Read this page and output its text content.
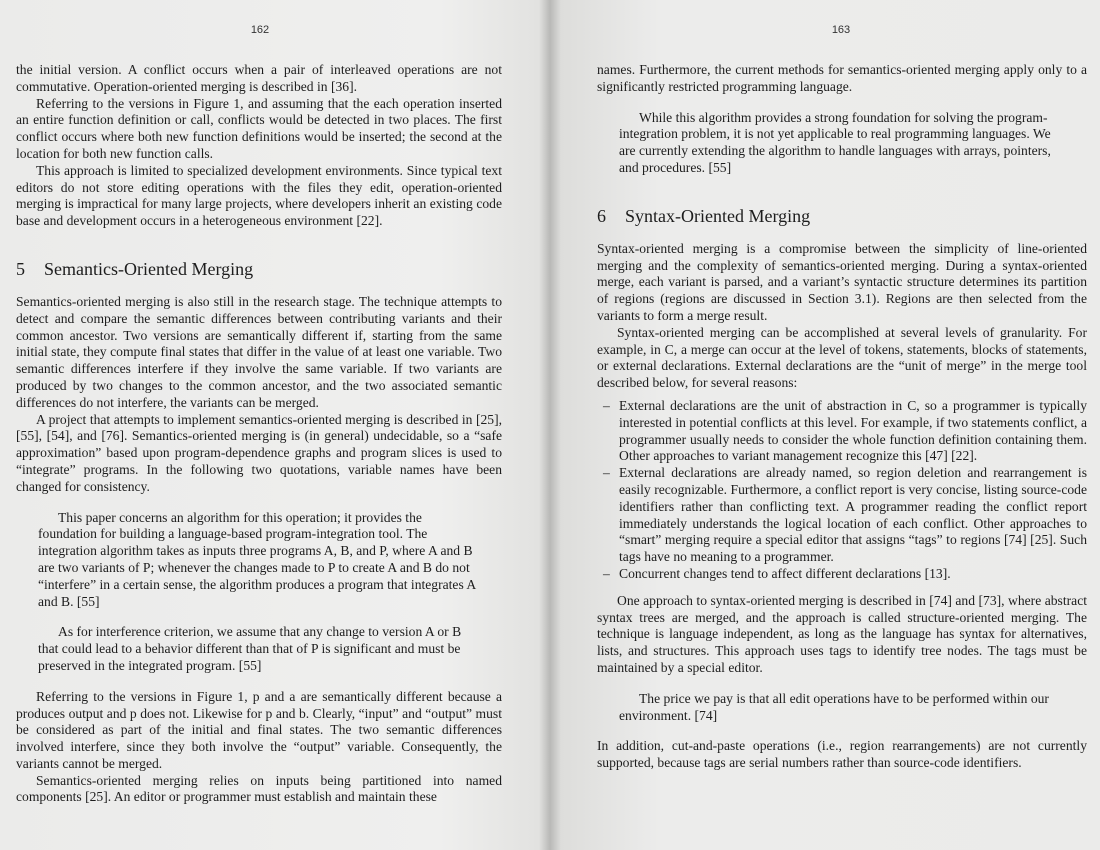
162

the initial version. A conflict occurs when a pair of interleaved operations are not commutative. Operation-oriented merging is described in [36].

Referring to the versions in Figure 1, and assuming that the each operation inserted an entire function definition or call, conflicts would be detected in two places. The first conflict occurs where both new function definitions would be inserted; the second at the location for both new function calls.

This approach is limited to specialized development environments. Since typical text editors do not store editing operations with the files they edit, operation-oriented merging is impractical for many large projects, where developers inherit an existing code base and development occurs in a heterogeneous environment [22].

5 Semantics-Oriented Merging

Semantics-oriented merging is also still in the research stage. The technique attempts to detect and compare the semantic differences between contributing variants and their common ancestor. Two versions are semantically different if, starting from the same initial state, they compute final states that differ in the value of at least one variable. Two semantic differences interfere if they involve the same variable. If two variants are produced by two changes to the common ancestor, and the two associated semantic differences do not interfere, the variants can be merged.

A project that attempts to implement semantics-oriented merging is described in [25], [55], [54], and [76]. Semantics-oriented merging is (in general) undecidable, so a “safe approximation” based upon program-dependence graphs and program slices is used to “integrate” programs. In the following two quotations, variable names have been changed for consistency.

This paper concerns an algorithm for this operation; it provides the foundation for building a language-based program-integration tool. The integration algorithm takes as inputs three programs A, B, and P, where A and B are two variants of P; whenever the changes made to P to create A and B do not “interfere” in a certain sense, the algorithm produces a program that integrates A and B. [55]

As for interference criterion, we assume that any change to version A or B that could lead to a behavior different than that of P is significant and must be preserved in the integrated program. [55]

Referring to the versions in Figure 1, p and a are semantically different because a produces output and p does not. Likewise for p and b. Clearly, “input” and “output” must be considered as part of the initial and final states. The two semantic differences involved interfere, since they both involve the “output” variable. Consequently, the variants cannot be merged.

Semantics-oriented merging relies on inputs being partitioned into named components [25]. An editor or programmer must establish and maintain these

163

names. Furthermore, the current methods for semantics-oriented merging apply only to a significantly restricted programming language.

While this algorithm provides a strong foundation for solving the program-integration problem, it is not yet applicable to real programming languages. We are currently extending the algorithm to handle languages with arrays, pointers, and procedures. [55]

6 Syntax-Oriented Merging

Syntax-oriented merging is a compromise between the simplicity of line-oriented merging and the complexity of semantics-oriented merging. During a syntax-oriented merge, each variant is parsed, and a variant’s syntactic structure determines its partition of regions (regions are discussed in Section 3.1). Regions are then selected from the variants to form a merge result.

Syntax-oriented merging can be accomplished at several levels of granularity. For example, in C, a merge can occur at the level of tokens, statements, blocks of statements, or external declarations. External declarations are the “unit of merge” in the merge tool described below, for several reasons:

– External declarations are the unit of abstraction in C, so a programmer is typically interested in potential conflicts at this level. For example, if two statements conflict, a programmer usually needs to consider the whole function definition containing them. Other approaches to variant management recognize this [47] [22].
– External declarations are already named, so region deletion and rearrangement is easily recognizable. Furthermore, a conflict report is very concise, listing source-code identifiers rather than conflicting text. A programmer reading the conflict report immediately understands the logical location of each conflict. Other approaches to “smart” merging require a special editor that assigns “tags” to regions [74] [25]. Such tags have no meaning to a programmer.
– Concurrent changes tend to affect different declarations [13].

One approach to syntax-oriented merging is described in [74] and [73], where abstract syntax trees are merged, and the approach is called structure-oriented merging. The technique is language independent, as long as the language has syntax for alternatives, lists, and structures. This approach uses tags to identify tree nodes. The tags must be maintained by a special editor.

The price we pay is that all edit operations have to be performed within our environment. [74]

In addition, cut-and-paste operations (i.e., region rearrangements) are not currently supported, because tags are serial numbers rather than source-code identifiers.
